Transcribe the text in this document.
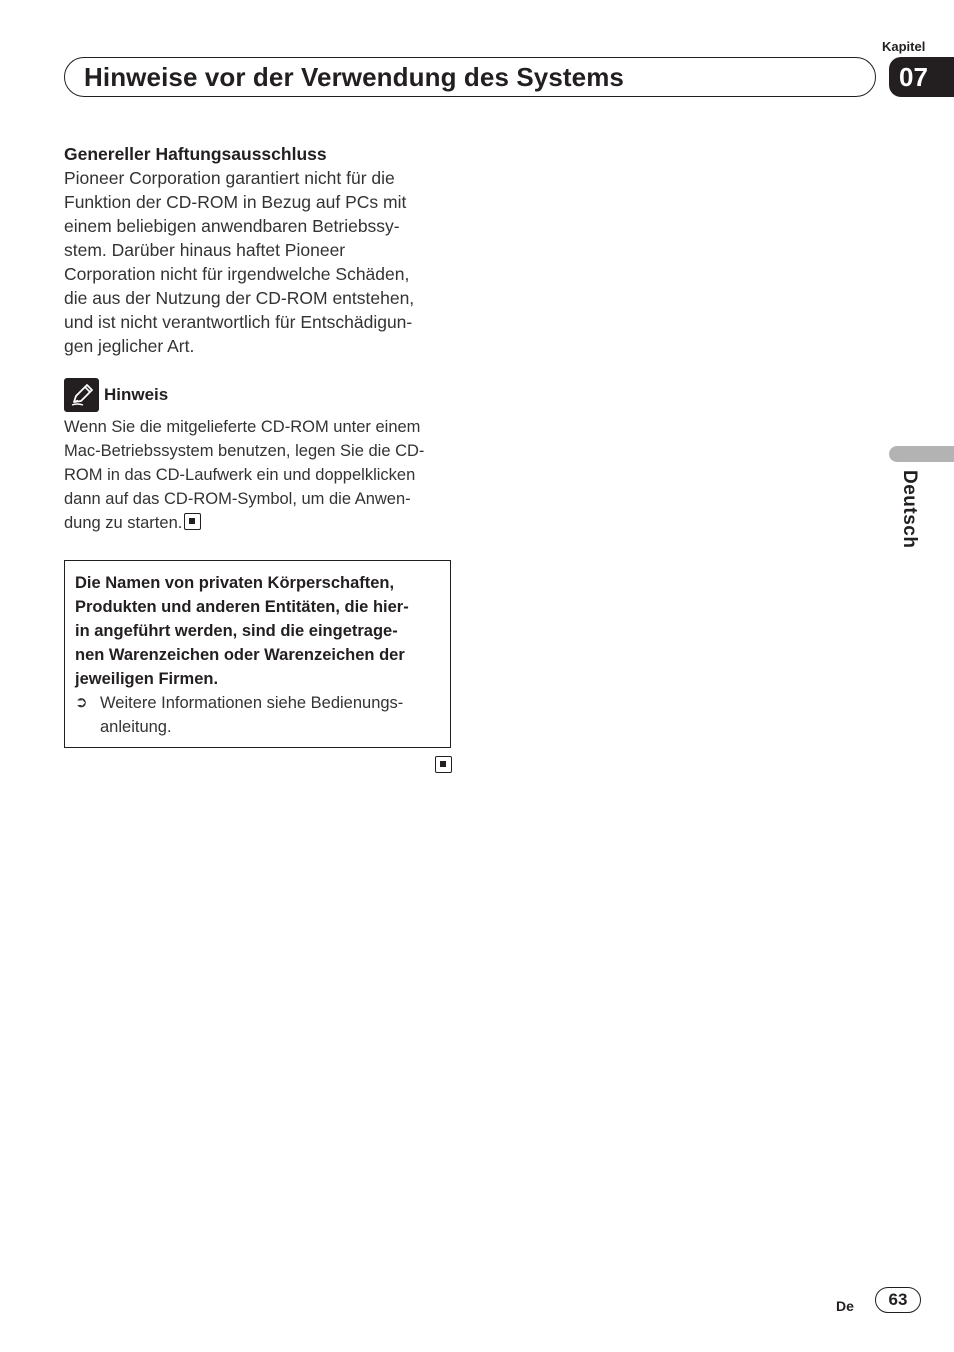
Kapitel
07
Hinweise vor der Verwendung des Systems
Genereller Haftungsausschluss
Pioneer Corporation garantiert nicht für die
Funktion der CD-ROM in Bezug auf PCs mit
einem beliebigen anwendbaren Betriebssy-
stem. Darüber hinaus haftet Pioneer
Corporation nicht für irgendwelche Schäden,
die aus der Nutzung der CD-ROM entstehen,
und ist nicht verantwortlich für Entschädigun-
gen jeglicher Art.
Hinweis
Wenn Sie die mitgelieferte CD-ROM unter einem
Mac-Betriebssystem benutzen, legen Sie die CD-
ROM in das CD-Laufwerk ein und doppelklicken
dann auf das CD-ROM-Symbol, um die Anwen-
dung zu starten.
Die Namen von privaten Körperschaften,
Produkten und anderen Entitäten, die hier-
in angeführt werden, sind die eingetrage-
nen Warenzeichen oder Warenzeichen der
jeweiligen Firmen.
➲ Weitere Informationen siehe Bedienungs-
anleitung.
Deutsch
De	63
